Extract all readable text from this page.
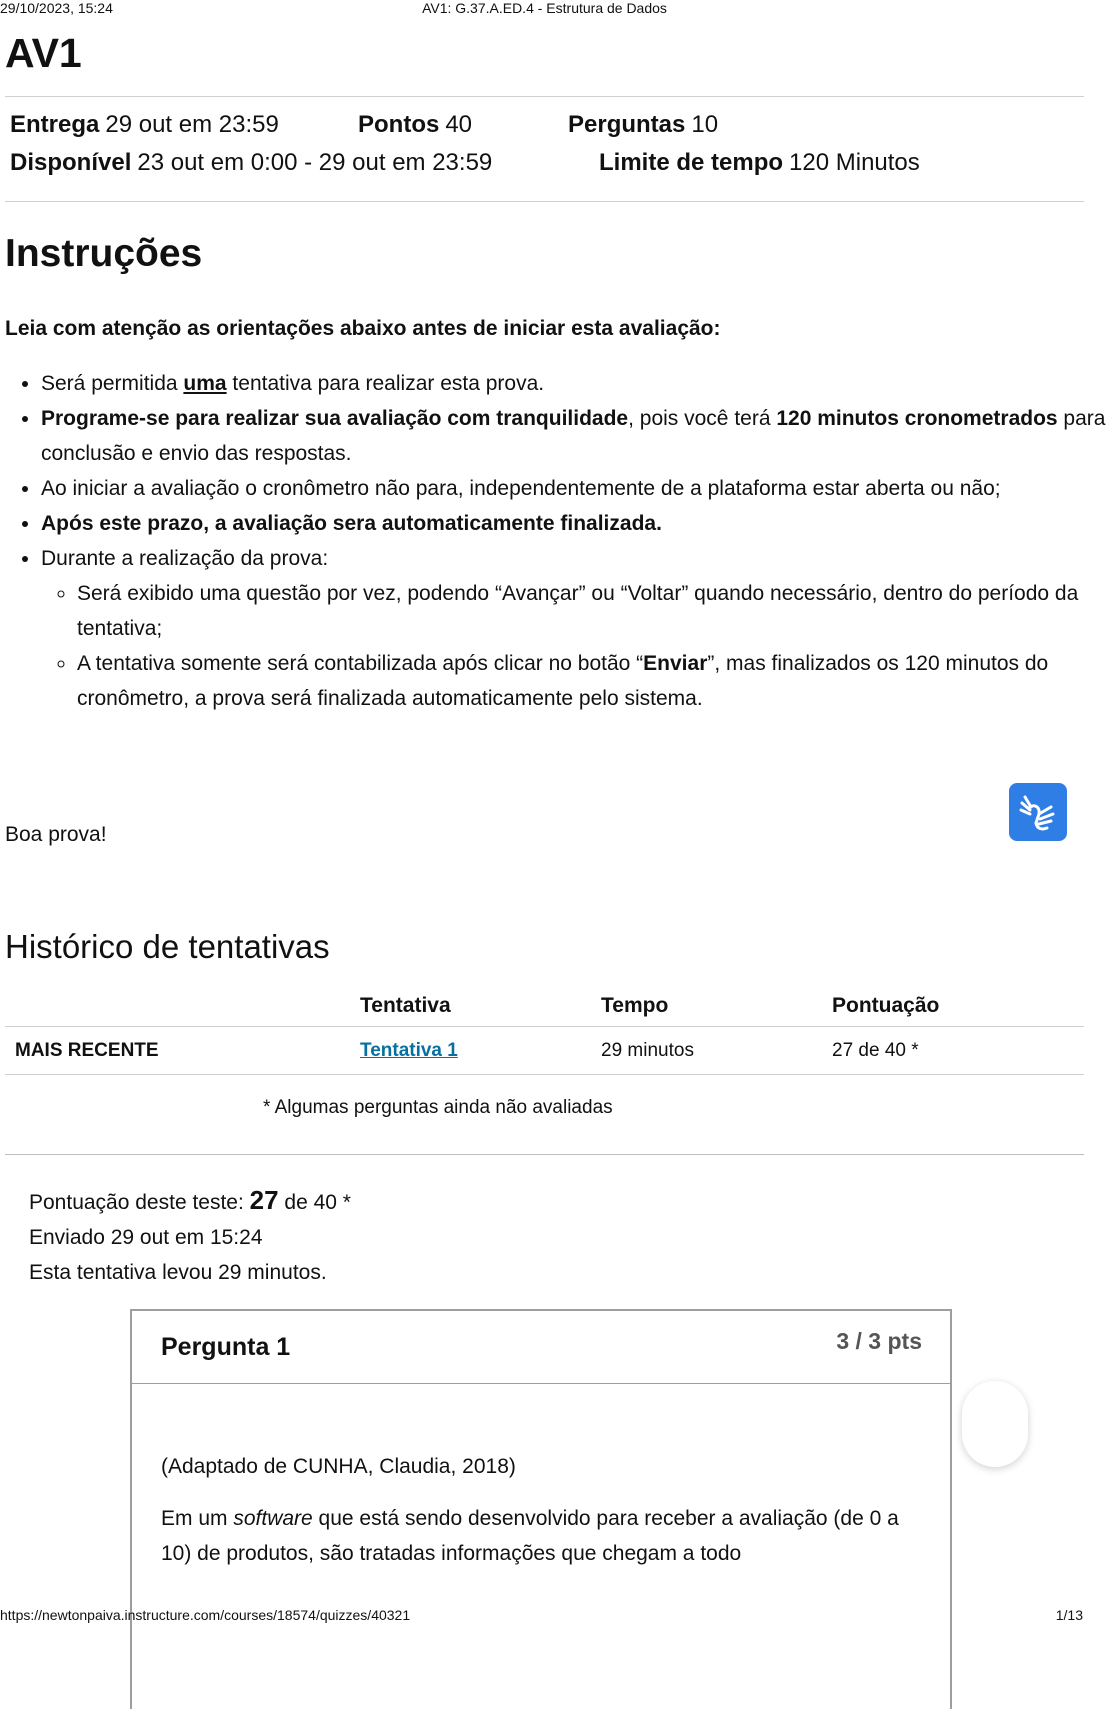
29/10/2023, 15:24	AV1: G.37.A.ED.4 - Estrutura de Dados
AV1
Entrega 29 out em 23:59	Pontos 40	Perguntas 10
Disponível 23 out em 0:00 - 29 out em 23:59	Limite de tempo 120 Minutos
Instruções

Leia com atenção as orientações abaixo antes de iniciar esta avaliação:

• Será permitida uma tentativa para realizar esta prova.
• Programe-se para realizar sua avaliação com tranquilidade, pois você terá 120 minutos cronometrados para conclusão e envio das respostas.
• Ao iniciar a avaliação o cronômetro não para, independentemente de a plataforma estar aberta ou não;
• Após este prazo, a avaliação sera automaticamente finalizada.
• Durante a realização da prova:
◦ Será exibido uma questão por vez, podendo “Avançar” ou “Voltar” quando necessário, dentro do período da tentativa;
◦ A tentativa somente será contabilizada após clicar no botão “Enviar”, mas finalizados os 120 minutos do cronômetro, a prova será finalizada automaticamente pelo sistema.
Boa prova!
Histórico de tentativas
	Tentativa	Tempo	Pontuação
MAIS RECENTE	Tentativa 1	29 minutos	27 de 40 *
* Algumas perguntas ainda não avaliadas
Pontuação deste teste: 27 de 40 *
Enviado 29 out em 15:24
Esta tentativa levou 29 minutos.
Pergunta 1	3 / 3 pts

(Adaptado de CUNHA, Claudia, 2018)

Em um software que está sendo desenvolvido para receber a avaliação (de 0 a 10) de produtos, são tratadas informações que chegam a todo

https://newtonpaiva.instructure.com/courses/18574/quizzes/40321	1/13
